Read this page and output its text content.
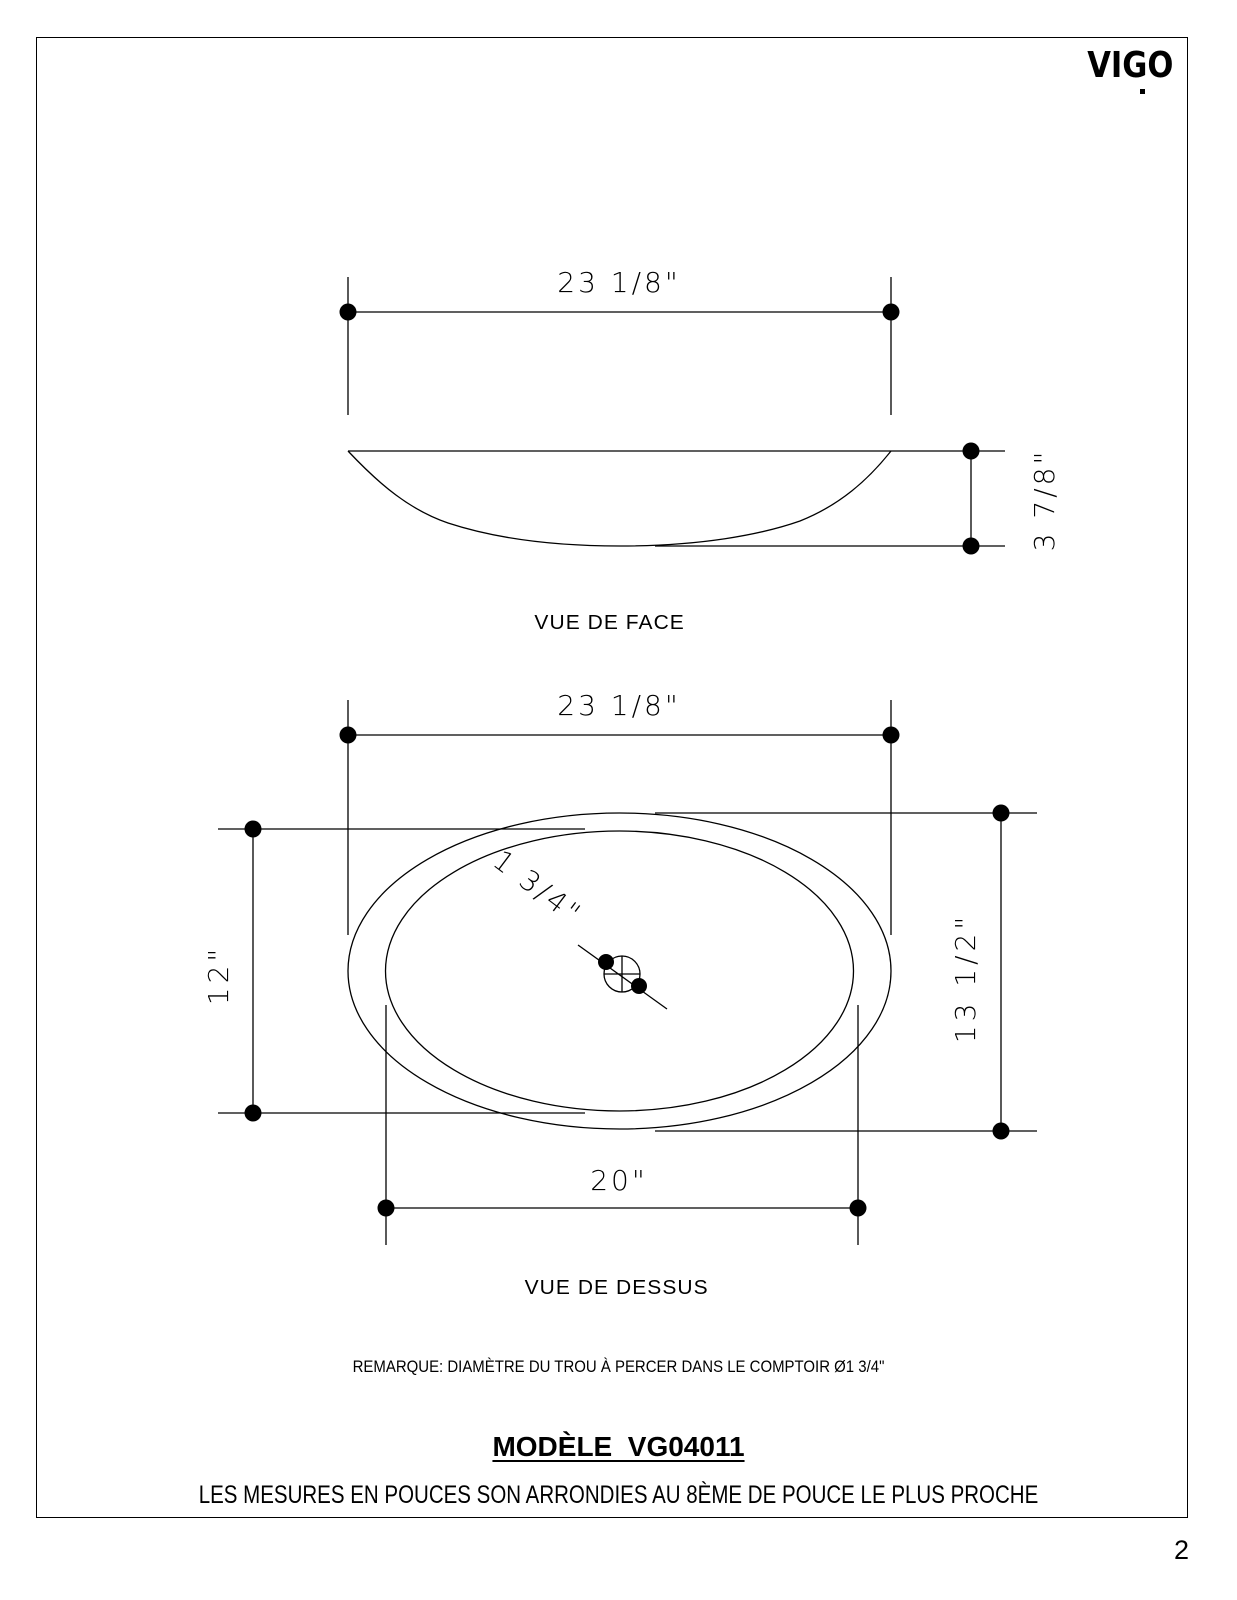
VIGO
23 1/8"
3 7/8"
23 1/8"
20"
12"	13 1/2"
1 3/4"
VUE DE FACE
VUE DE DESSUS
REMARQUE: DIAMÈTRE DU TROU À PERCER DANS LE COMPTOIR Ø1 3/4"
MODÈLE  VG04011
LES MESURES EN POUCES SON ARRONDIES AU 8ÈME DE POUCE LE PLUS PROCHE
2
